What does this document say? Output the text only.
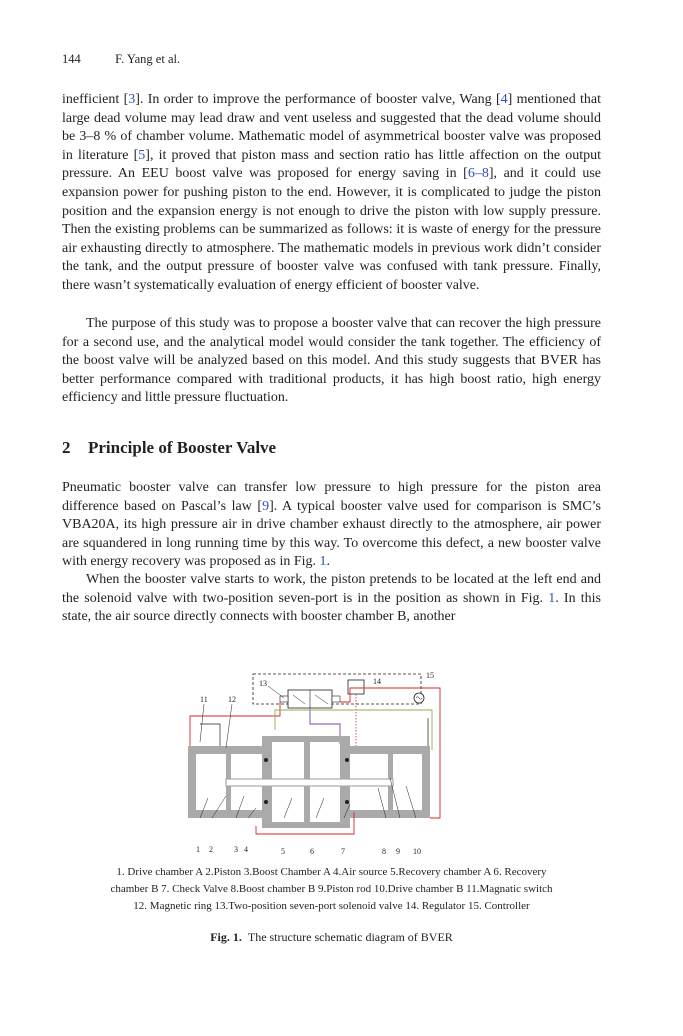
144	F. Yang et al.

inefficient [3]. In order to improve the performance of booster valve, Wang [4] mentioned that large dead volume may lead draw and vent useless and suggested that the dead volume should be 3–8 % of chamber volume. Mathematic model of asymmetrical booster valve was proposed in literature [5], it proved that piston mass and section ratio has little affection on the output pressure. An EEU boost valve was proposed for energy saving in [6–8], and it could use expansion power for pushing piston to the end. However, it is complicated to judge the piston position and the expansion energy is not enough to drive the piston with low supply pressure. Then the existing problems can be summarized as follows: it is waste of energy for the pressure air exhausting directly to atmosphere. The mathematic models in previous work didn’t consider the tank, and the output pressure of booster valve was confused with tank pressure. Finally, there wasn’t systematically evaluation of energy efficient of booster valve.

The purpose of this study was to propose a booster valve that can recover the high pressure for a second use, and the analytical model would consider the tank together. The efficiency of the boost valve will be analyzed based on this model. And this study suggests that BVER has better performance compared with traditional products, it has high boost ratio, high energy efficiency and little pressure fluctuation.

2 Principle of Booster Valve

Pneumatic booster valve can transfer low pressure to high pressure for the piston area difference based on Pascal’s law [9]. A typical booster valve used for comparison is SMC’s VBA20A, its high pressure air in drive chamber exhaust directly to the atmosphere, air power are squandered in long running time by this way. To overcome this defect, a new booster valve with energy recovery was proposed as in Fig. 1.

When the booster valve starts to work, the piston pretends to be located at the left end and the solenoid valve with two-position seven-port is in the position as shown in Fig. 1. In this state, the air source directly connects with booster chamber B, another

11	12
13	14
15
1 2	3 4	5	6	7	8 9 10
1. Drive chamber A 2.Piston 3.Boost Chamber A 4.Air source 5.Recovery chamber A 6. Recovery
chamber B 7. Check Valve 8.Boost chamber B 9.Piston rod 10.Drive chamber B 11.Magnatic switch
12. Magnetic ring 13.Two-position seven-port solenoid valve 14. Regulator 15. Controller
Fig. 1. The structure schematic diagram of BVER
